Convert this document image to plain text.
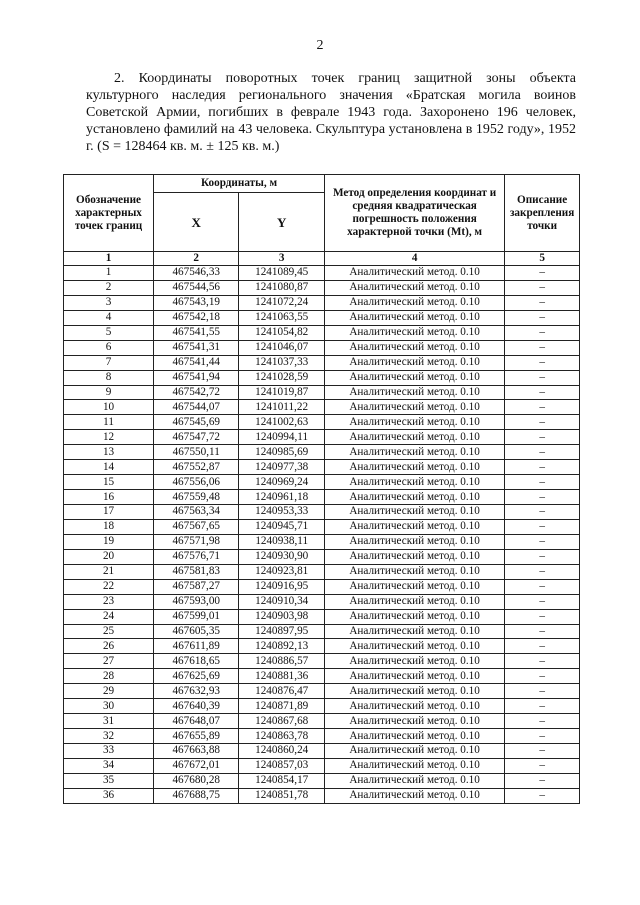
2
2. Координаты поворотных точек границ защитной зоны объекта культурного наследия регионального значения «Братская могила воинов Советской Армии, погибших в феврале 1943 года. Захоронено 196 человек, установлено фамилий на 43 человека. Скульптура установлена в 1952 году», 1952 г. (S = 128464 кв. м. ± 125 кв. м.)
Обозначение характерных точек границ	Координаты, м		Метод определения координат и средняя квадратическая погрешность положения характерной точки (Mt), м	Описание закрепления точки
	X	Y		
1	2	3	4	5
1	467546,33	1241089,45	Аналитический метод. 0.10	–
2	467544,56	1241080,87	Аналитический метод. 0.10	–
3	467543,19	1241072,24	Аналитический метод. 0.10	–
4	467542,18	1241063,55	Аналитический метод. 0.10	–
5	467541,55	1241054,82	Аналитический метод. 0.10	–
6	467541,31	1241046,07	Аналитический метод. 0.10	–
7	467541,44	1241037,33	Аналитический метод. 0.10	–
8	467541,94	1241028,59	Аналитический метод. 0.10	–
9	467542,72	1241019,87	Аналитический метод. 0.10	–
10	467544,07	1241011,22	Аналитический метод. 0.10	–
11	467545,69	1241002,63	Аналитический метод. 0.10	–
12	467547,72	1240994,11	Аналитический метод. 0.10	–
13	467550,11	1240985,69	Аналитический метод. 0.10	–
14	467552,87	1240977,38	Аналитический метод. 0.10	–
15	467556,06	1240969,24	Аналитический метод. 0.10	–
16	467559,48	1240961,18	Аналитический метод. 0.10	–
17	467563,34	1240953,33	Аналитический метод. 0.10	–
18	467567,65	1240945,71	Аналитический метод. 0.10	–
19	467571,98	1240938,11	Аналитический метод. 0.10	–
20	467576,71	1240930,90	Аналитический метод. 0.10	–
21	467581,83	1240923,81	Аналитический метод. 0.10	–
22	467587,27	1240916,95	Аналитический метод. 0.10	–
23	467593,00	1240910,34	Аналитический метод. 0.10	–
24	467599,01	1240903,98	Аналитический метод. 0.10	–
25	467605,35	1240897,95	Аналитический метод. 0.10	–
26	467611,89	1240892,13	Аналитический метод. 0.10	–
27	467618,65	1240886,57	Аналитический метод. 0.10	–
28	467625,69	1240881,36	Аналитический метод. 0.10	–
29	467632,93	1240876,47	Аналитический метод. 0.10	–
30	467640,39	1240871,89	Аналитический метод. 0.10	–
31	467648,07	1240867,68	Аналитический метод. 0.10	–
32	467655,89	1240863,78	Аналитический метод. 0.10	–
33	467663,88	1240860,24	Аналитический метод. 0.10	–
34	467672,01	1240857,03	Аналитический метод. 0.10	–
35	467680,28	1240854,17	Аналитический метод. 0.10	–
36	467688,75	1240851,78	Аналитический метод. 0.10	–
